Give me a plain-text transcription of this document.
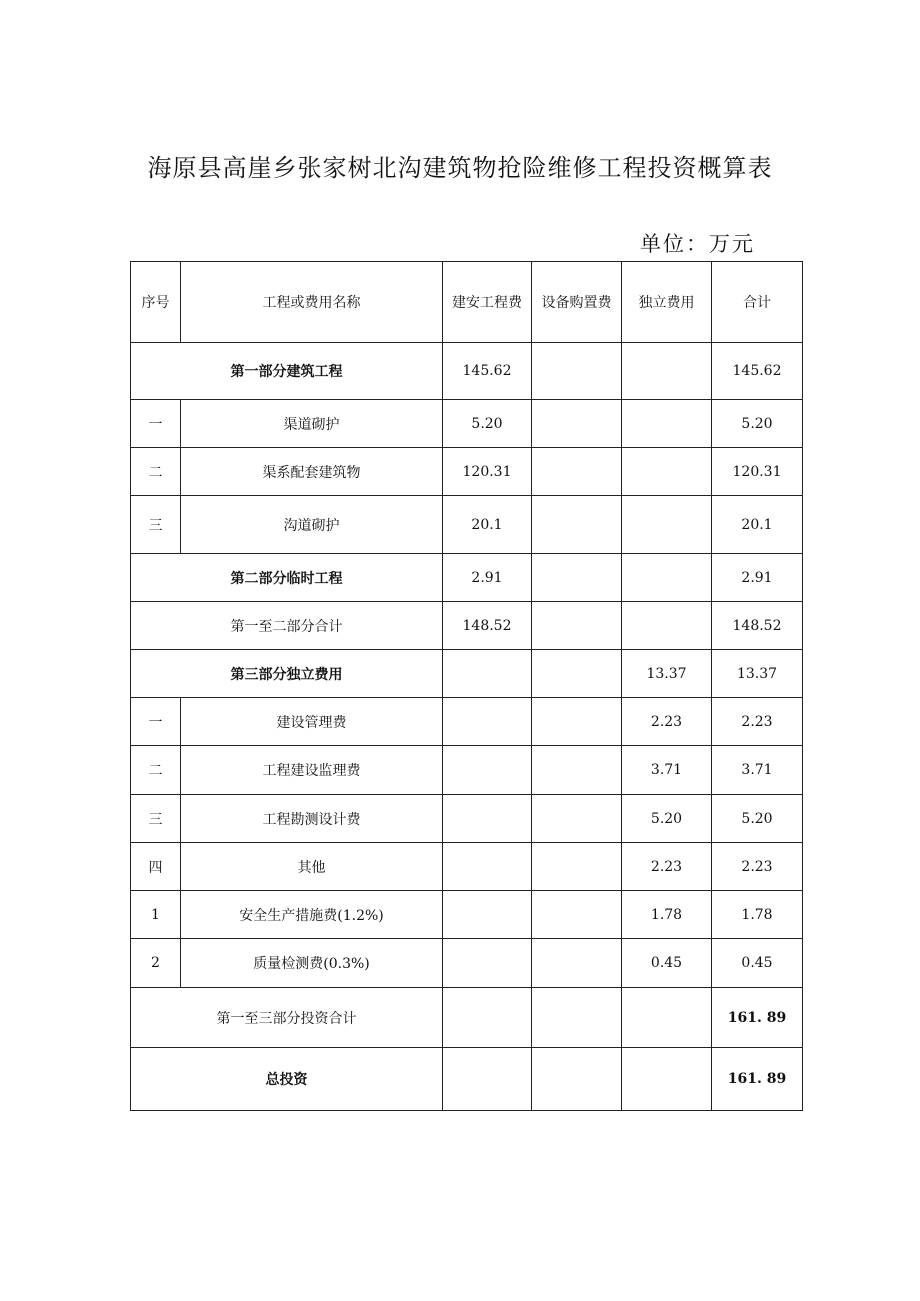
海原县高崖乡张家树北沟建筑物抢险维修工程投资概算表
单位：万元
序号	工程或费用名称	建安工程费	设备购置费	独立费用	合计
第一部分建筑工程		145.62			145.62
一	渠道砌护	5.20			5.20
二	渠系配套建筑物	120.31			120.31
三	沟道砌护	20.1			20.1
第二部分临时工程		2.91			2.91
第一至二部分合计		148.52			148.52
第三部分独立费用				13.37	13.37
一	建设管理费			2.23	2.23
二	工程建设监理费			3.71	3.71
三	工程勘测设计费			5.20	5.20
四	其他			2.23	2.23
1	安全生产措施费(1.2%)			1.78	1.78
2	质量检测费(0.3%)			0.45	0.45
第一至三部分投资合计					161. 89
总投资					161. 89
